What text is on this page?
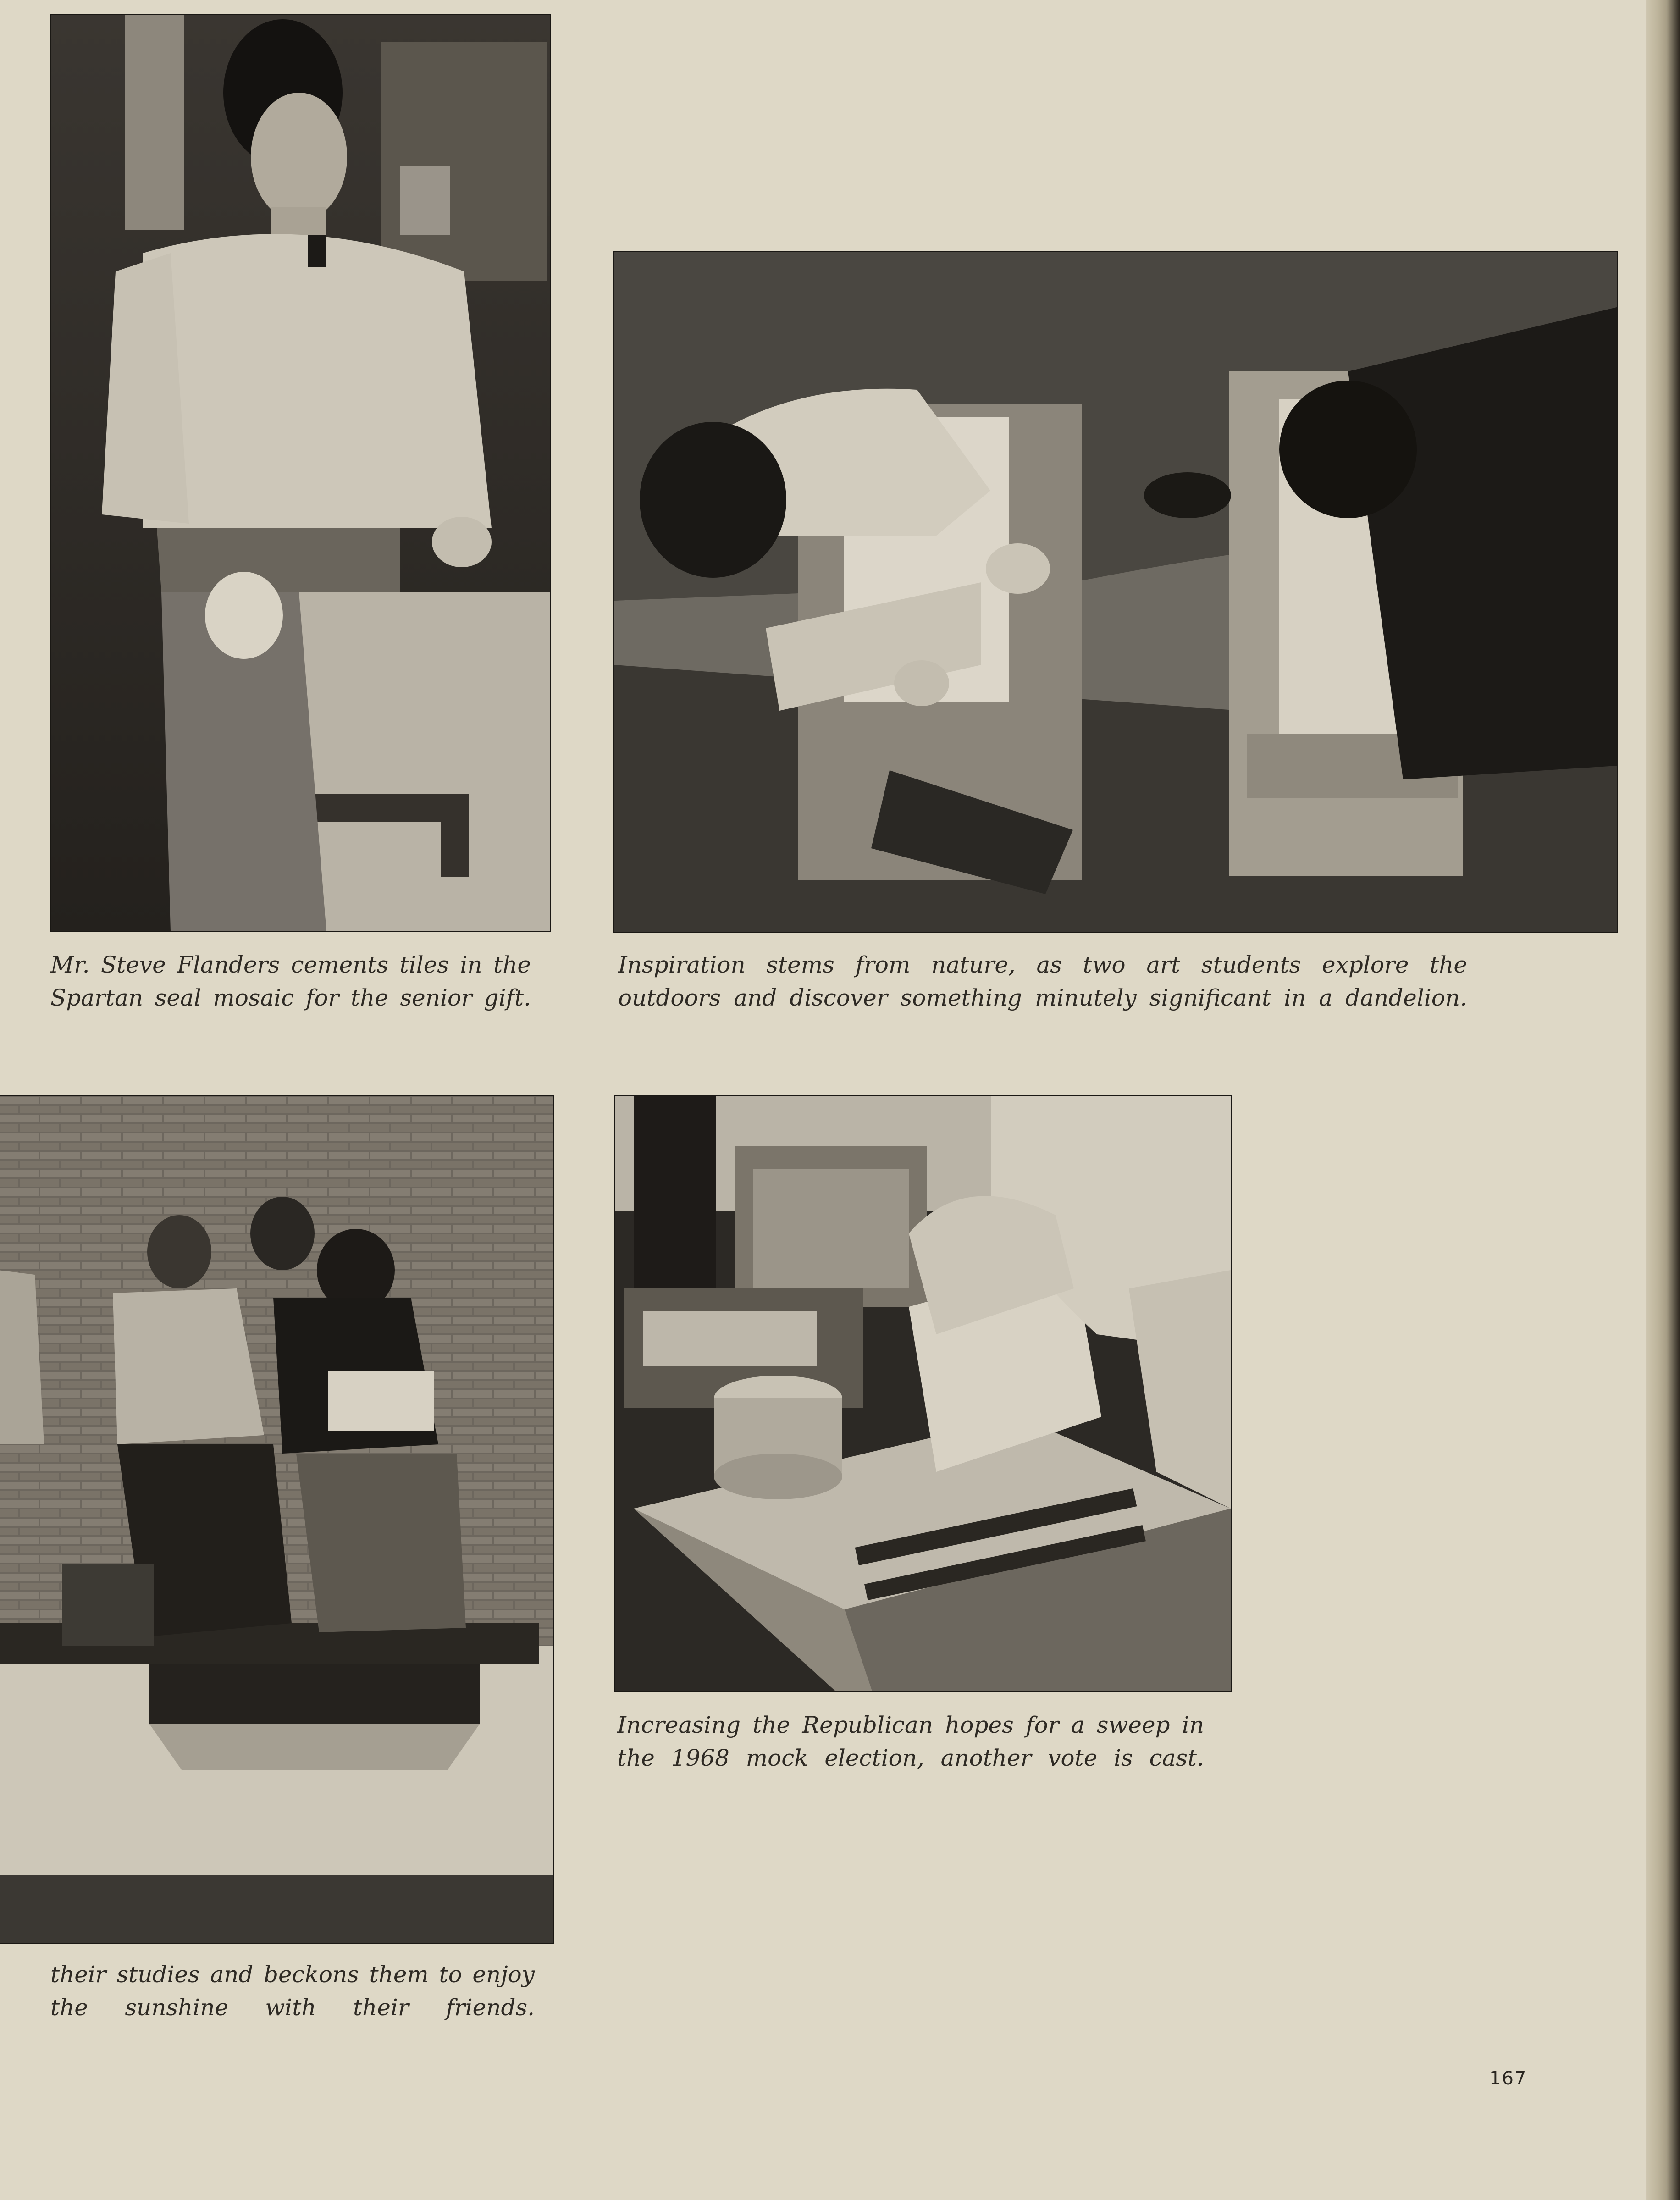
Mr. Steve Flanders cements tiles in the
Spartan seal mosaic for the senior gift.

Inspiration stems from nature, as two art students explore the
outdoors and discover something minutely significant in a dandelion.

their studies and beckons them to enjoy
the sunshine with their friends.

Increasing the Republican hopes for a sweep in
the 1968 mock election, another vote is cast.

167
